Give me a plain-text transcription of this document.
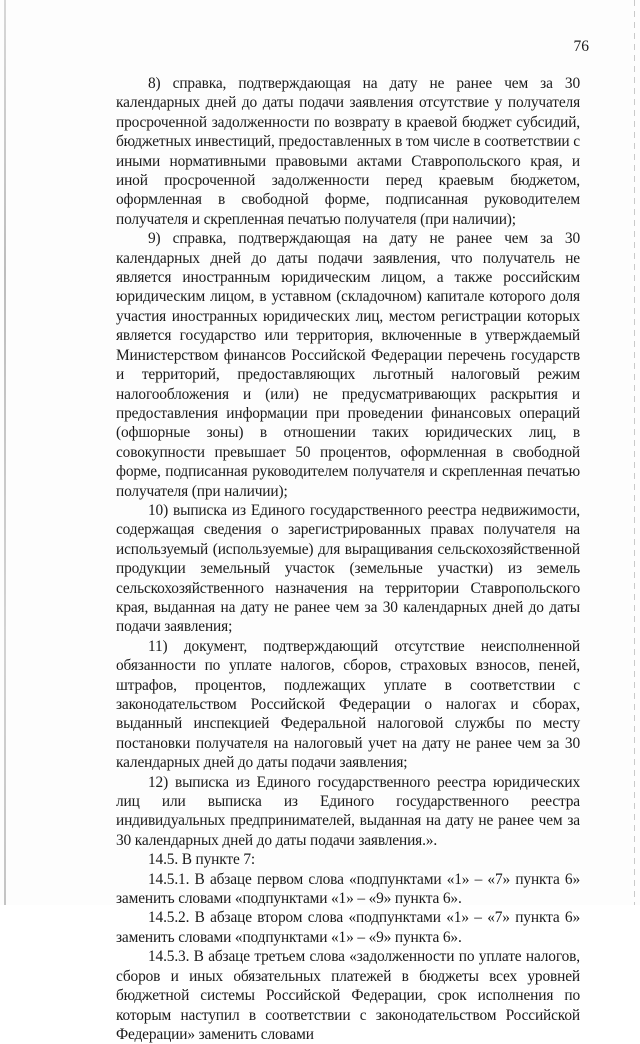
76

8) справка, подтверждающая на дату не ранее чем за 30 календарных дней до даты подачи заявления отсутствие у получателя просроченной задолженности по возврату в краевой бюджет субсидий, бюджетных инвестиций, предоставленных в том числе в соответствии с иными нормативными правовыми актами Ставропольского края, и иной просроченной задолженности перед краевым бюджетом, оформленная в свободной форме, подписанная руководителем получателя и скрепленная печатью получателя (при наличии);

9) справка, подтверждающая на дату не ранее чем за 30 календарных дней до даты подачи заявления, что получатель не является иностранным юридическим лицом, а также российским юридическим лицом, в уставном (складочном) капитале которого доля участия иностранных юридических лиц, местом регистрации которых является государство или территория, включенные в утверждаемый Министерством финансов Российской Федерации перечень государств и территорий, предоставляющих льготный налоговый режим налогообложения и (или) не предусматривающих раскрытия и предоставления информации при проведении финансовых операций (офшорные зоны) в отношении таких юридических лиц, в совокупности превышает 50 процентов, оформленная в свободной форме, подписанная руководителем получателя и скрепленная печатью получателя (при наличии);

10) выписка из Единого государственного реестра недвижимости, содержащая сведения о зарегистрированных правах получателя на используемый (используемые) для выращивания сельскохозяйственной продукции земельный участок (земельные участки) из земель сельскохозяйственного назначения на территории Ставропольского края, выданная на дату не ранее чем за 30 календарных дней до даты подачи заявления;

11) документ, подтверждающий отсутствие неисполненной обязанности по уплате налогов, сборов, страховых взносов, пеней, штрафов, процентов, подлежащих уплате в соответствии с законодательством Российской Федерации о налогах и сборах, выданный инспекцией Федеральной налоговой службы по месту постановки получателя на налоговый учет на дату не ранее чем за 30 календарных дней до даты подачи заявления;

12) выписка из Единого государственного реестра юридических лиц или выписка из Единого государственного реестра индивидуальных предпринимателей, выданная на дату не ранее чем за 30 календарных дней до даты подачи заявления.».

14.5. В пункте 7:

14.5.1. В абзаце первом слова «подпунктами «1» – «7» пункта 6» заменить словами «подпунктами «1» – «9» пункта 6».

14.5.2. В абзаце втором слова «подпунктами «1» – «7» пункта 6» заменить словами «подпунктами «1» – «9» пункта 6».

14.5.3. В абзаце третьем слова «задолженности по уплате налогов, сборов и иных обязательных платежей в бюджеты всех уровней бюджетной системы Российской Федерации, срок исполнения по которым наступил в соответствии с законодательством Российской Федерации» заменить словами
